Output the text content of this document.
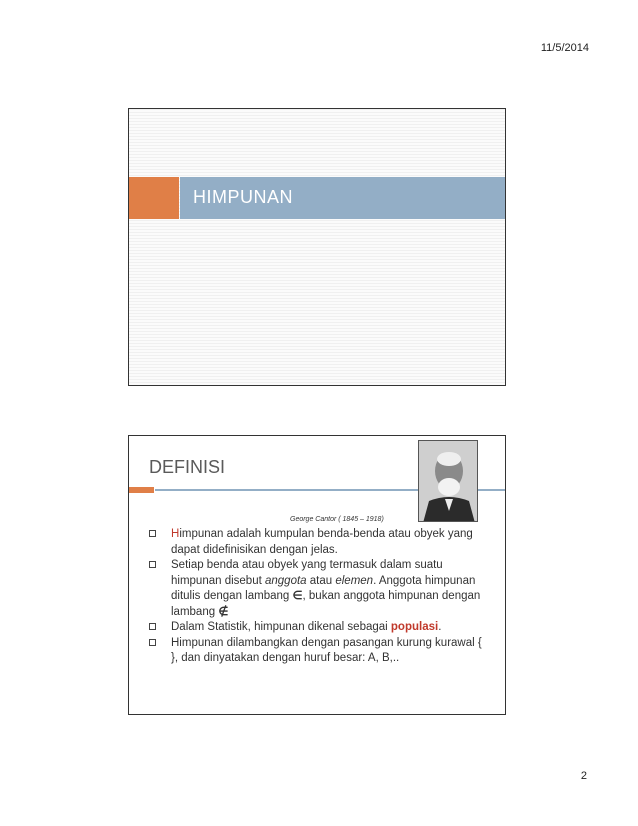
11/5/2014
HIMPUNAN
DEFINISI
George Cantor ( 1845 – 1918)
Himpunan adalah kumpulan benda-benda atau obyek yang dapat didefinisikan dengan jelas.
Setiap benda atau obyek yang termasuk dalam suatu himpunan disebut anggota atau elemen. Anggota himpunan ditulis dengan lambang ∈, bukan anggota himpunan dengan lambang ∉
Dalam Statistik, himpunan dikenal sebagai populasi.
Himpunan dilambangkan dengan pasangan kurung kurawal { }, dan dinyatakan dengan huruf besar: A, B,..
2
